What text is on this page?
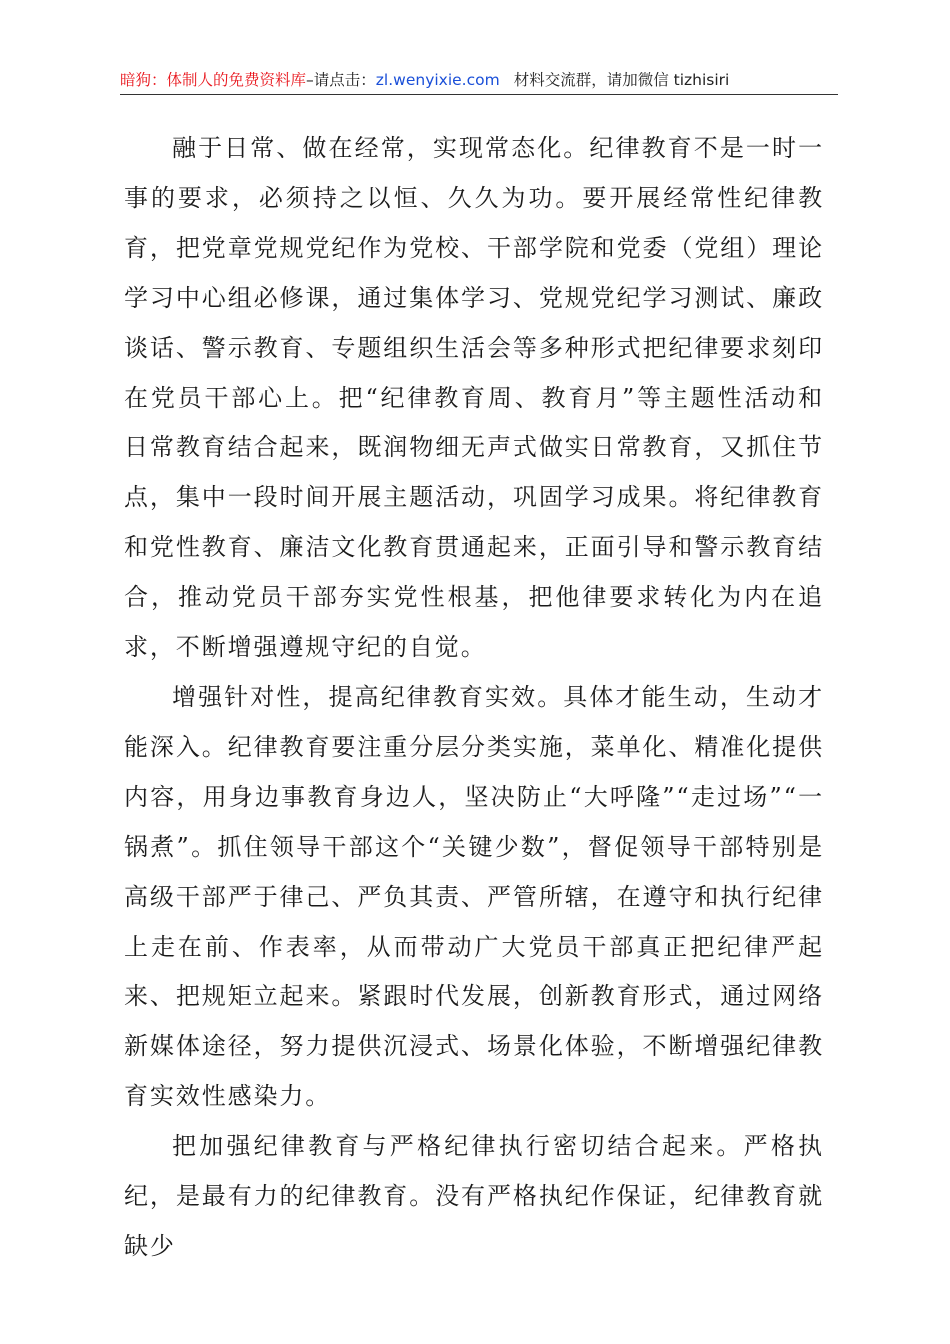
暗狗：体制人的免费资料库–请点击：zl.wenyixie.com 材料交流群，请加微信 tizhisiri

融于日常、做在经常，实现常态化。纪律教育不是一时一事的要求，必须持之以恒、久久为功。要开展经常性纪律教育，把党章党规党纪作为党校、干部学院和党委（党组）理论学习中心组必修课，通过集体学习、党规党纪学习测试、廉政谈话、警示教育、专题组织生活会等多种形式把纪律要求刻印在党员干部心上。把“纪律教育周、教育月”等主题性活动和日常教育结合起来，既润物细无声式做实日常教育，又抓住节点，集中一段时间开展主题活动，巩固学习成果。将纪律教育和党性教育、廉洁文化教育贯通起来，正面引导和警示教育结合，推动党员干部夯实党性根基，把他律要求转化为内在追求，不断增强遵规守纪的自觉。

增强针对性，提高纪律教育实效。具体才能生动，生动才能深入。纪律教育要注重分层分类实施，菜单化、精准化提供内容，用身边事教育身边人，坚决防止“大呼隆”“走过场”“一锅煮”。抓住领导干部这个“关键少数”，督促领导干部特别是高级干部严于律己、严负其责、严管所辖，在遵守和执行纪律上走在前、作表率，从而带动广大党员干部真正把纪律严起来、把规矩立起来。紧跟时代发展，创新教育形式，通过网络新媒体途径，努力提供沉浸式、场景化体验，不断增强纪律教育实效性感染力。

把加强纪律教育与严格纪律执行密切结合起来。严格执纪，是最有力的纪律教育。没有严格执纪作保证，纪律教育就缺少
